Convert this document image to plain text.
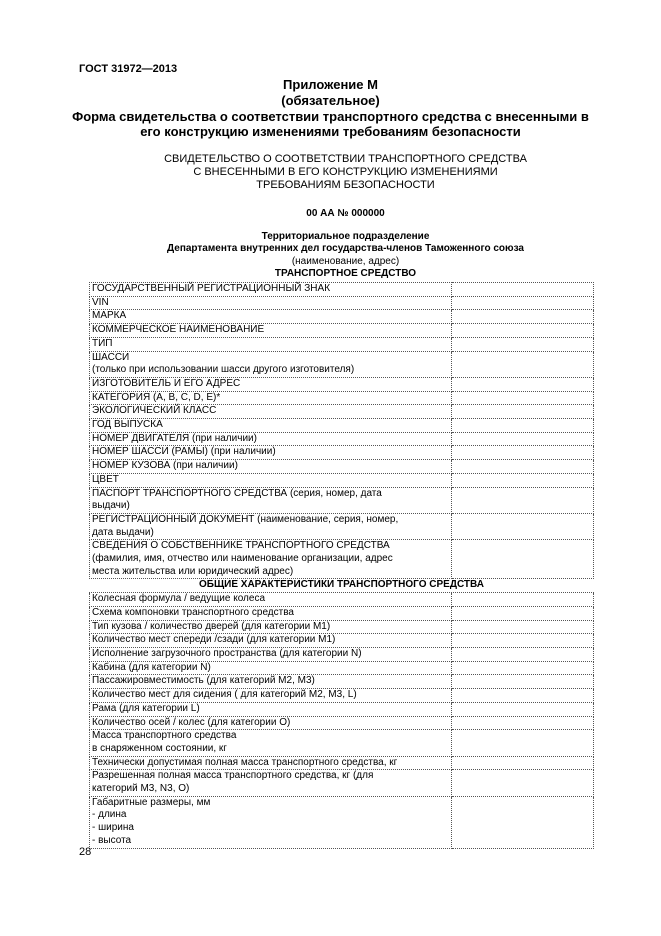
ГОСТ 31972—2013
Приложение М
(обязательное)
Форма свидетельства о соответствии транспортного средства с внесенными в
его конструкцию изменениями требованиям безопасности
СВИДЕТЕЛЬСТВО О СООТВЕТСТВИИ ТРАНСПОРТНОГО СРЕДСТВА
С ВНЕСЕННЫМИ В ЕГО КОНСТРУКЦИЮ ИЗМЕНЕНИЯМИ
ТРЕБОВАНИЯМ БЕЗОПАСНОСТИ
00 АА № 000000
Территориальное подразделение
Департамента внутренних дел государства-членов Таможенного союза
(наименование, адрес)
ТРАНСПОРТНОЕ СРЕДСТВО
ГОСУДАРСТВЕННЫЙ РЕГИСТРАЦИОННЫЙ ЗНАК	

VIN	

МАРКА	

КОММЕРЧЕСКОЕ НАИМЕНОВАНИЕ	

ТИП	

ШАССИ
(только при использовании шасси другого изготовителя)	

ИЗГОТОВИТЕЛЬ И ЕГО АДРЕС	

КАТЕГОРИЯ (А, В, С, D, Е)*	

ЭКОЛОГИЧЕСКИЙ КЛАСС	

ГОД ВЫПУСКА	

НОМЕР ДВИГАТЕЛЯ (при наличии)	

НОМЕР ШАССИ (РАМЫ) (при наличии)	

НОМЕР КУЗОВА (при наличии)	

ЦВЕТ	

ПАСПОРТ ТРАНСПОРТНОГО СРЕДСТВА (серия, номер, дата
выдачи)	

РЕГИСТРАЦИОННЫЙ ДОКУМЕНТ (наименование, серия, номер,
дата выдачи)	

СВЕДЕНИЯ О СОБСТВЕННИКЕ ТРАНСПОРТНОГО СРЕДСТВА
(фамилия, имя, отчество или наименование организации, адрес
места жительства или юридический адрес)	

ОБЩИЕ ХАРАКТЕРИСТИКИ ТРАНСПОРТНОГО СРЕДСТВА	

Колесная формула / ведущие колеса	

Схема компоновки транспортного средства	

Тип кузова / количество дверей (для категории М1)	

Количество мест спереди /сзади (для категории М1)	

Исполнение загрузочного пространства (для категории N)	

Кабина (для категории N)	

Пассажировместимость (для категорий М2, М3)	

Количество мест для сидения ( для категорий М2, М3, L)	

Рама (для категории L)	

Количество осей / колес (для категории О)	

Масса транспортного средства
в снаряженном состоянии, кг	

Технически допустимая полная масса транспортного средства, кг	

Разрешенная полная масса транспортного средства, кг (для
категорий М3, N3, О)	

Габаритные размеры, мм
- длина
- ширина
- высота	

28
